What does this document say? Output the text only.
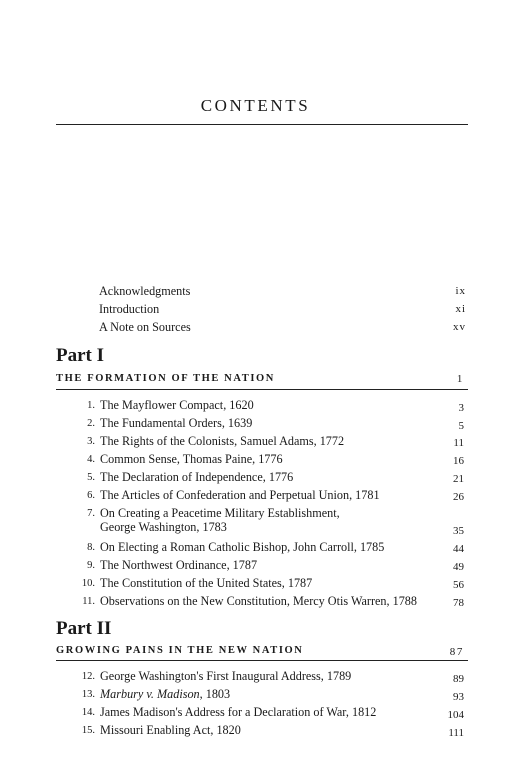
CONTENTS
Acknowledgments	ix
Introduction	xi
A Note on Sources	xv
Part I
THE FORMATION OF THE NATION	1
1. The Mayflower Compact, 1620	3
2. The Fundamental Orders, 1639	5
3. The Rights of the Colonists, Samuel Adams, 1772	11
4. Common Sense, Thomas Paine, 1776	16
5. The Declaration of Independence, 1776	21
6. The Articles of Confederation and Perpetual Union, 1781	26
7. On Creating a Peacetime Military Establishment,
George Washington, 1783	35
8. On Electing a Roman Catholic Bishop, John Carroll, 1785	44
9. The Northwest Ordinance, 1787	49
10. The Constitution of the United States, 1787	56
11. Observations on the New Constitution, Mercy Otis Warren, 1788	78
Part II
GROWING PAINS IN THE NEW NATION	87
12. George Washington's First Inaugural Address, 1789	89
13. Marbury v. Madison, 1803	93
14. James Madison's Address for a Declaration of War, 1812	104
15. Missouri Enabling Act, 1820	111
